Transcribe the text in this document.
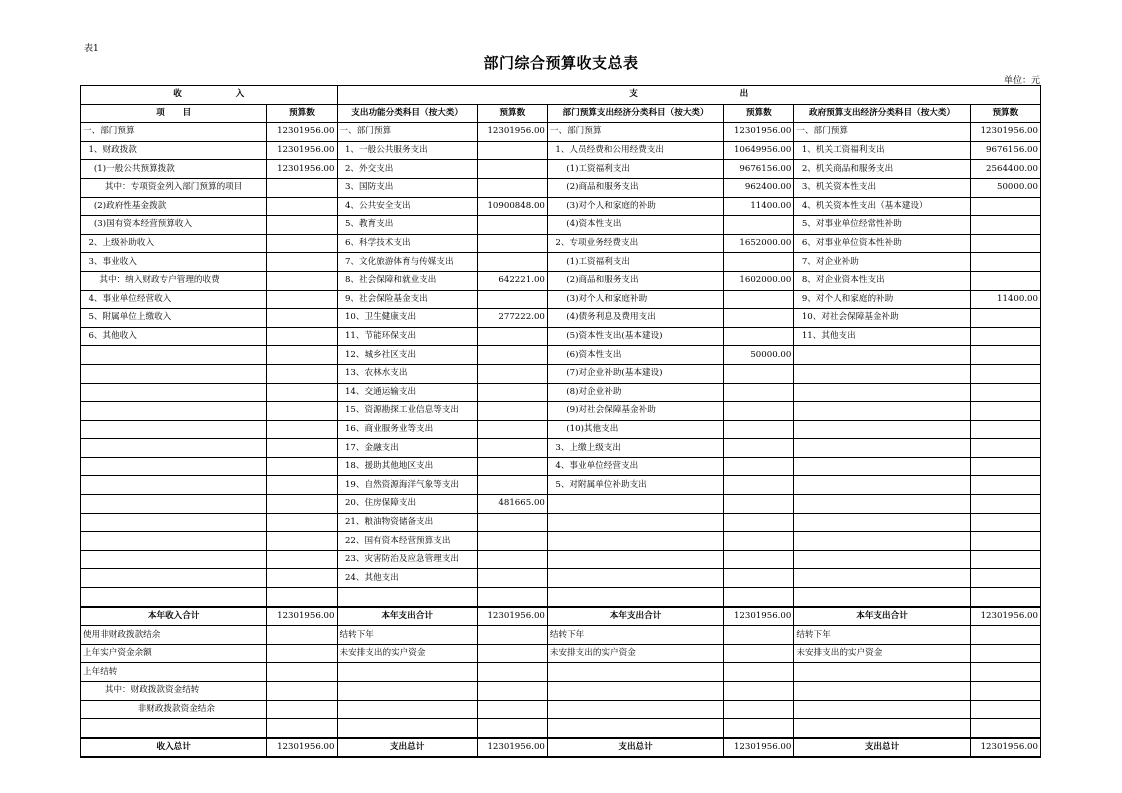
表1
部门综合预算收支总表
单位：元
收                  入		支                                  出					
项      目	预算数	支出功能分类科目（按大类）	预算数	部门预算支出经济分类科目（按大类）	预算数	政府预算支出经济分类科目（按大类）	预算数
一、部门预算	12301956.00	一、部门预算	12301956.00	一、部门预算	12301956.00	一、部门预算	12301956.00
1、财政拨款	12301956.00	1、一般公共服务支出		1、人员经费和公用经费支出	10649956.00	1、机关工资福利支出	9676156.00
(1)一般公共预算拨款	12301956.00	2、外交支出		(1)工资福利支出	9676156.00	2、机关商品和服务支出	2564400.00
其中：专项资金列入部门预算的项目		3、国防支出		(2)商品和服务支出	962400.00	3、机关资本性支出	50000.00
(2)政府性基金拨款		4、公共安全支出	10900848.00	(3)对个人和家庭的补助	11400.00	4、机关资本性支出（基本建设）	
(3)国有资本经营预算收入		5、教育支出		(4)资本性支出		5、对事业单位经常性补助	
2、上级补助收入		6、科学技术支出		2、专项业务经费支出	1652000.00	6、对事业单位资本性补助	
3、事业收入		7、文化旅游体育与传媒支出		(1)工资福利支出		7、对企业补助	
其中：纳入财政专户管理的收费		8、社会保障和就业支出	642221.00	(2)商品和服务支出	1602000.00	8、对企业资本性支出	
4、事业单位经营收入		9、社会保险基金支出		(3)对个人和家庭补助		9、对个人和家庭的补助	11400.00
5、附属单位上缴收入		10、卫生健康支出	277222.00	(4)债务利息及费用支出		10、对社会保障基金补助	
6、其他收入		11、节能环保支出		(5)资本性支出(基本建设)		11、其他支出	
		12、城乡社区支出		(6)资本性支出	50000.00		
		13、农林水支出		(7)对企业补助(基本建设)			
		14、交通运输支出		(8)对企业补助			
		15、资源勘探工业信息等支出		(9)对社会保障基金补助			
		16、商业服务业等支出		(10)其他支出			
		17、金融支出		3、上缴上级支出			
		18、援助其他地区支出		4、事业单位经营支出			
		19、自然资源海洋气象等支出		5、对附属单位补助支出			
		20、住房保障支出	481665.00				
		21、粮油物资储备支出					
		22、国有资本经营预算支出					
		23、灾害防治及应急管理支出					
		24、其他支出					

本年收入合计	12301956.00	本年支出合计	12301956.00	本年支出合计	12301956.00	本年支出合计	12301956.00
使用非财政拨款结余		结转下年		结转下年		结转下年	
上年实户资金余额		未安排支出的实户资金		未安排支出的实户资金		未安排支出的实户资金	
上年结转							
其中：财政拨款资金结转							
非财政拨款资金结余							

收入总计	12301956.00	支出总计	12301956.00	支出总计	12301956.00	支出总计	12301956.00
